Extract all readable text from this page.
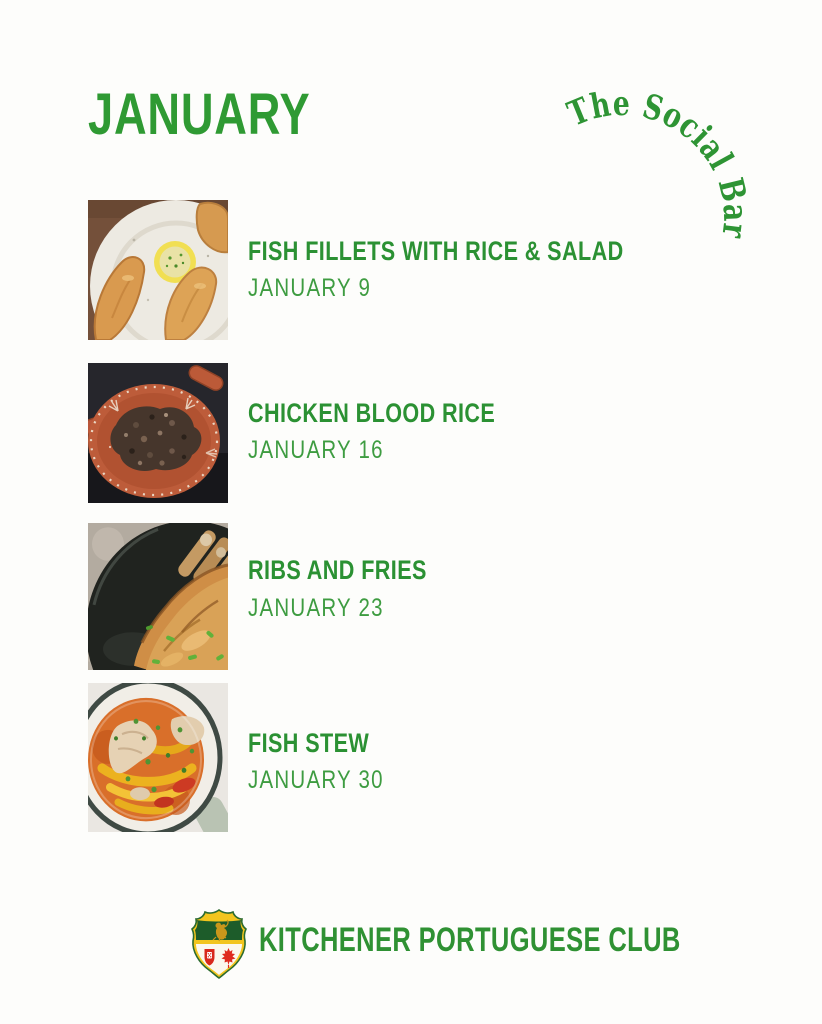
JANUARY	The Social Bar
FISH FILLETS WITH RICE & SALAD
JANUARY 9
CHICKEN BLOOD RICE
JANUARY 16
RIBS AND FRIES
JANUARY 23
FISH STEW
JANUARY 30
KITCHENER PORTUGUESE CLUB
